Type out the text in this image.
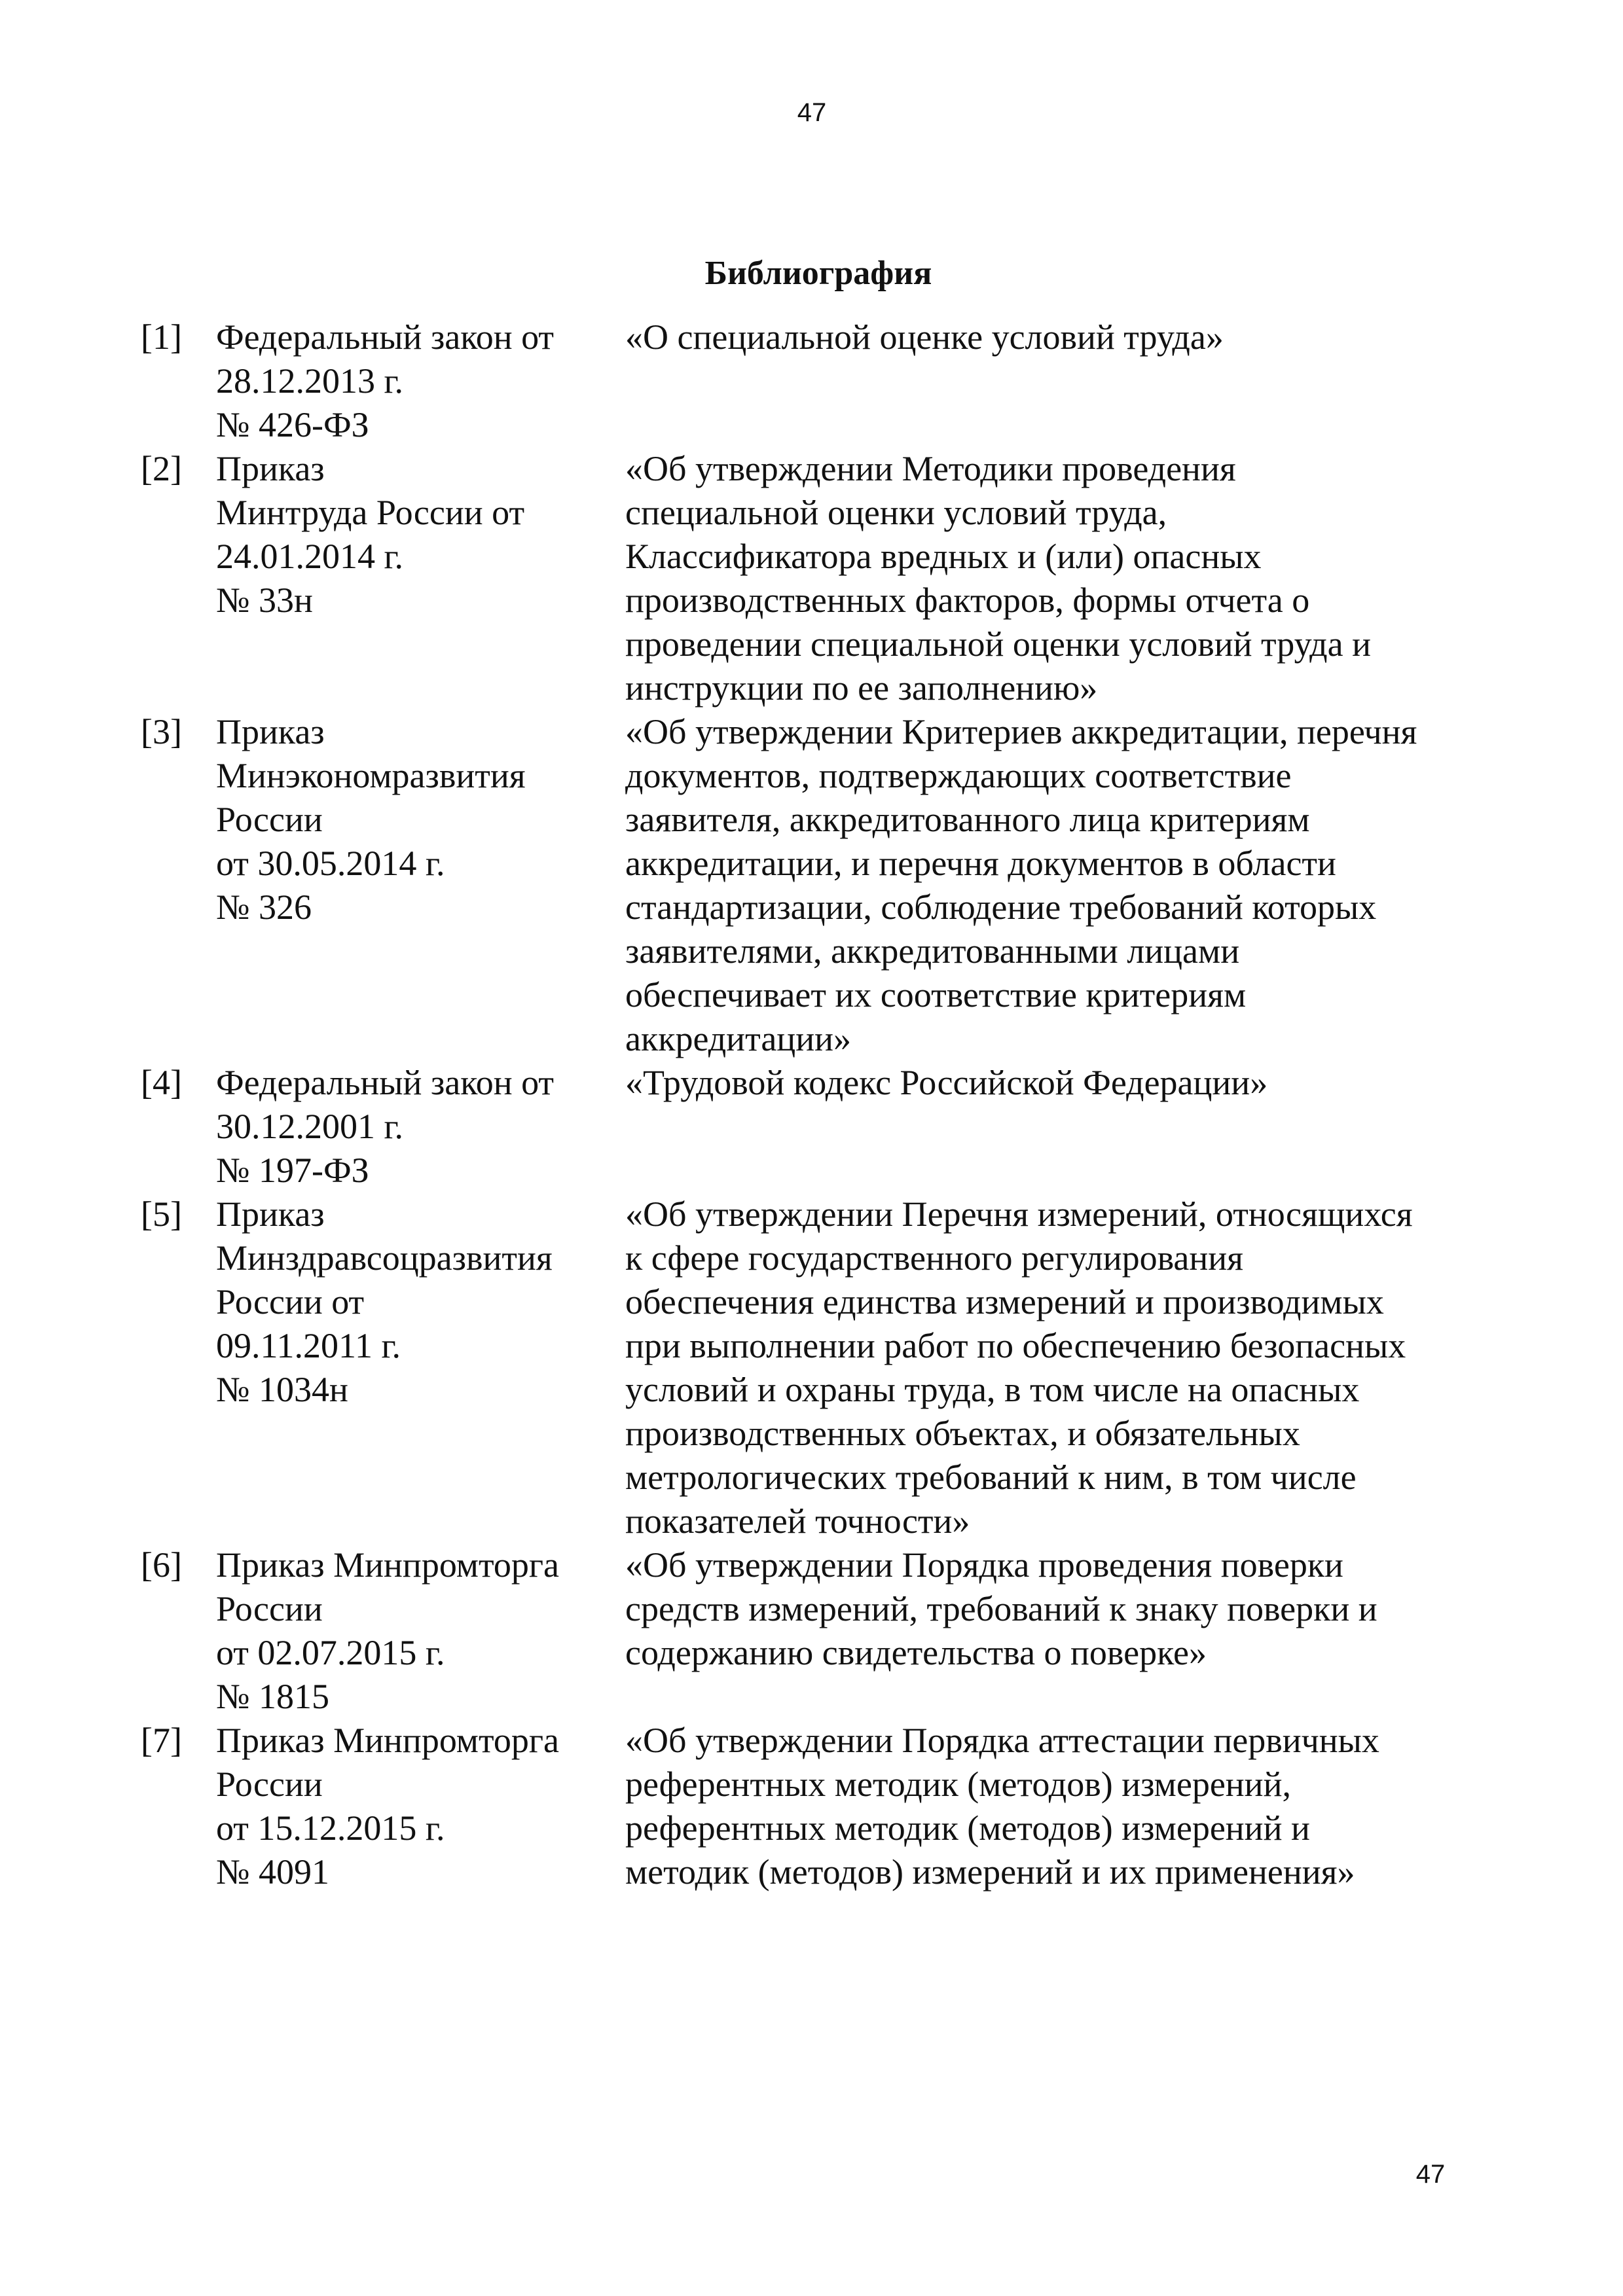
47
Библиография
[1] Федеральный закон от
28.12.2013 г.
№ 426-ФЗ
«О специальной оценке условий труда»
[2] Приказ
Минтруда России от
24.01.2014 г.
№ 33н
«Об утверждении Методики проведения
специальной оценки условий труда,
Классификатора вредных и (или) опасных
производственных факторов, формы отчета о
проведении специальной оценки условий труда и
инструкции по ее заполнению»
[3] Приказ
Минэкономразвития
России
от 30.05.2014 г.
№ 326
«Об утверждении Критериев аккредитации, перечня
документов, подтверждающих соответствие
заявителя, аккредитованного лица критериям
аккредитации, и перечня документов в области
стандартизации, соблюдение требований которых
заявителями, аккредитованными лицами
обеспечивает их соответствие критериям
аккредитации»
[4] Федеральный закон от
30.12.2001 г.
№ 197-ФЗ
«Трудовой кодекс Российской Федерации»
[5] Приказ
Минздравсоцразвития
России от
09.11.2011 г.
№ 1034н
«Об утверждении Перечня измерений, относящихся
к сфере государственного регулирования
обеспечения единства измерений и производимых
при выполнении работ по обеспечению безопасных
условий и охраны труда, в том числе на опасных
производственных объектах, и обязательных
метрологических требований к ним, в том числе
показателей точности»
[6] Приказ Минпромторга
России
от 02.07.2015 г.
№ 1815
«Об утверждении Порядка проведения поверки
средств измерений, требований к знаку поверки и
содержанию свидетельства о поверке»
[7] Приказ Минпромторга
России
от 15.12.2015 г.
№ 4091
«Об утверждении Порядка аттестации первичных
референтных методик (методов) измерений,
референтных методик (методов) измерений и
методик (методов) измерений и их применения»
47
